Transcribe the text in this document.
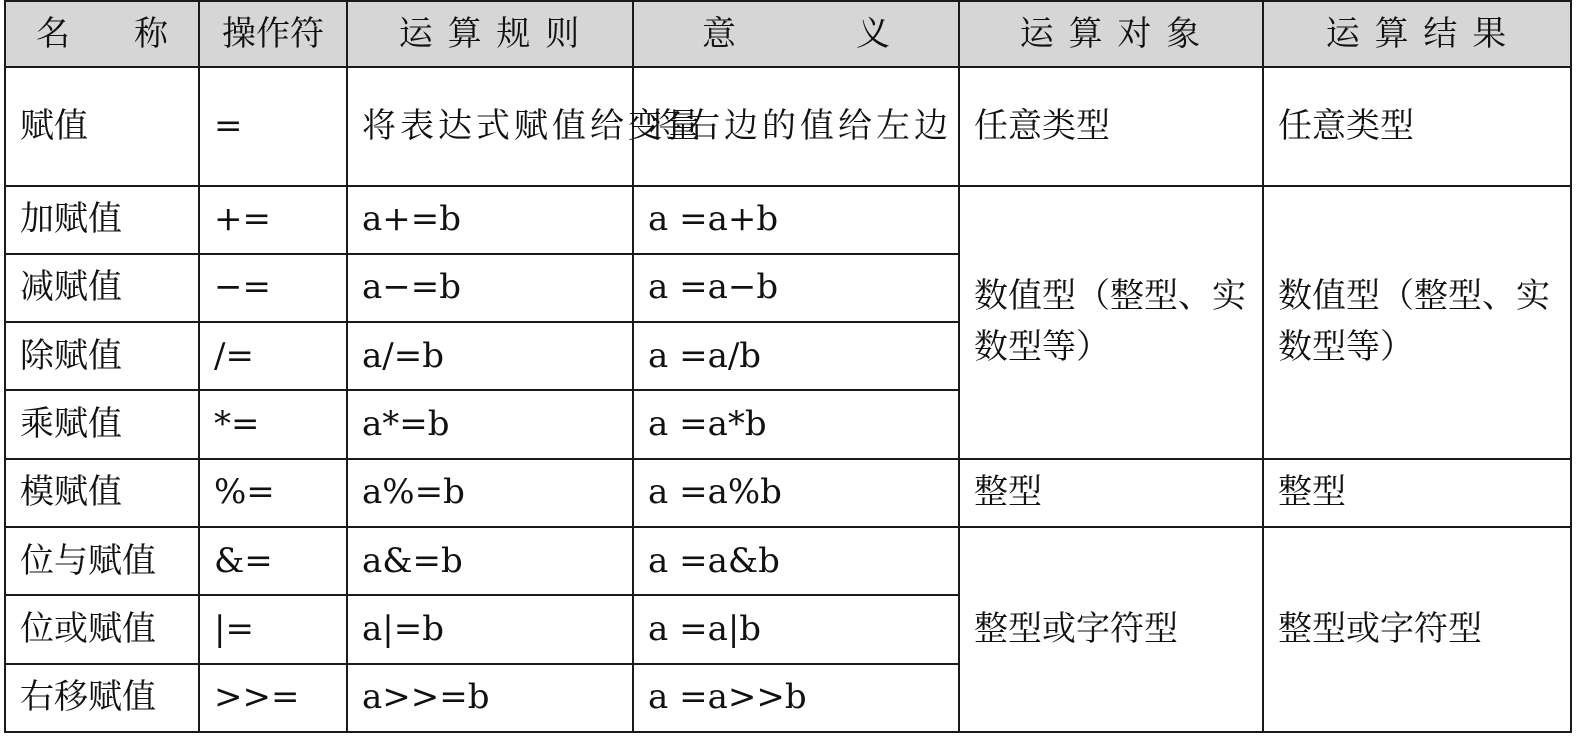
名 称	操作符	运 算 规 则	意 义	运 算 对 象	运 算 结 果
赋值	=	将表达式赋值给变量	将右边的值给左边	任意类型	任意类型
加赋值	+=	a+=b	a =a+b	数值型（整型、实数型等）	数值型（整型、实数型等）
减赋值	−=	a−=b	a =a−b		
除赋值	/=	a/=b	a =a/b		
乘赋值	*=	a*=b	a =a*b		
模赋值	%=	a%=b	a =a%b	整型	整型
位与赋值	&=	a&=b	a =a&b	整型或字符型	整型或字符型
位或赋值	|=	a|=b	a =a|b		
右移赋值	>>=	a>>=b	a =a>>b		
